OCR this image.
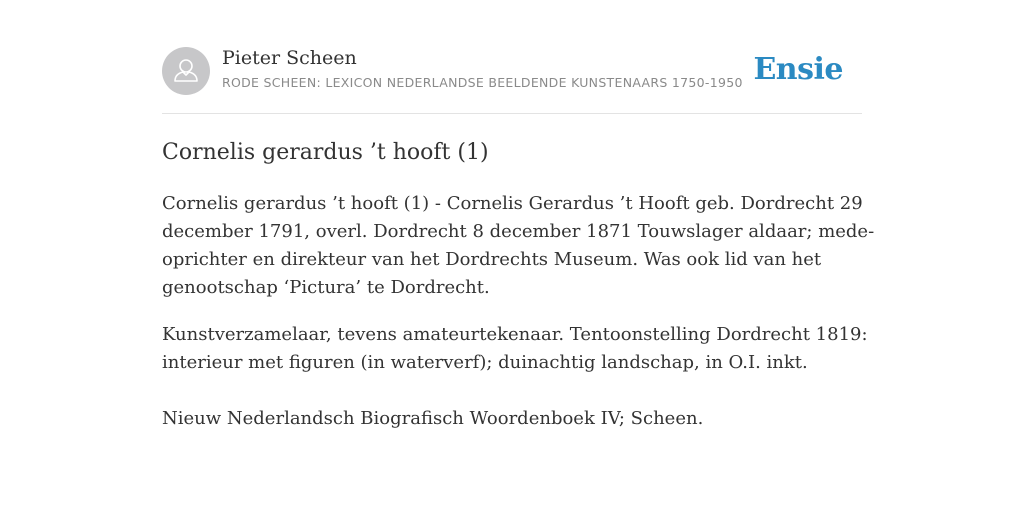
Pieter Scheen
RODE SCHEEN: LEXICON NEDERLANDSE BEELDENDE KUNSTENAARS 1750-1950 Ensie
Cornelis gerardus ’t hooft (1)

Cornelis gerardus ’t hooft (1) - Cornelis Gerardus ’t Hooft geb. Dordrecht 29
december 1791, overl. Dordrecht 8 december 1871 Touwslager aldaar; mede-
oprichter en direkteur van het Dordrechts Museum. Was ook lid van het
genootschap ‘Pictura’ te Dordrecht.

Kunstverzamelaar, tevens amateurtekenaar. Tentoonstelling Dordrecht 1819:
interieur met figuren (in waterverf); duinachtig landschap, in O.I. inkt.

Nieuw Nederlandsch Biografisch Woordenboek IV; Scheen.
